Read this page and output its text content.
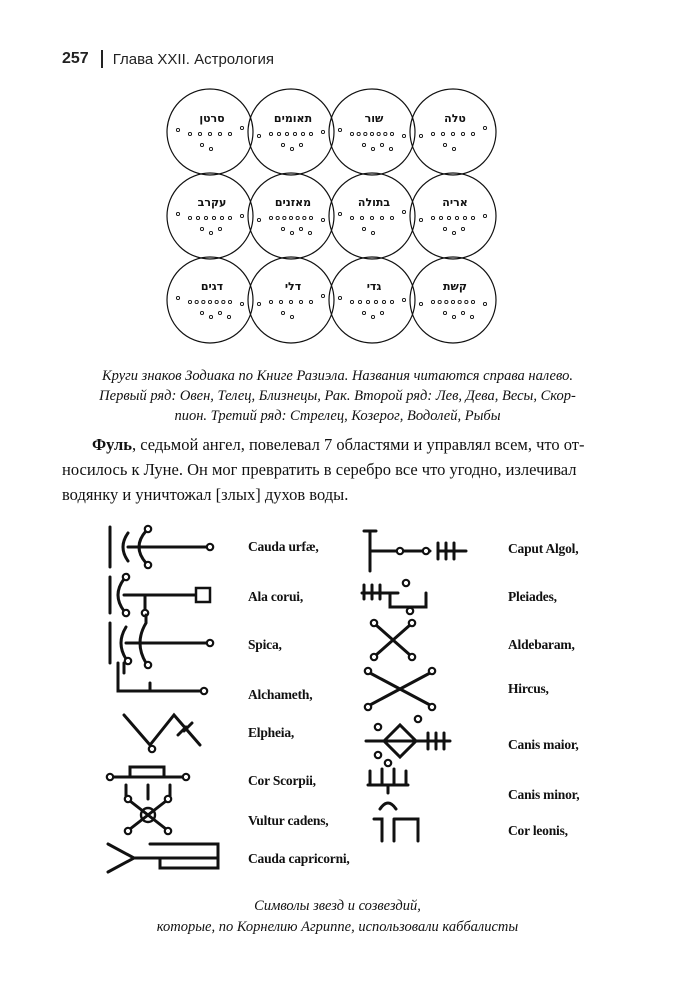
257 Глава XXII. Астрология
סרטן	תאומים	שור	טלה
עקרב	מאזנים	בתולה	אריה
דגים	דלי	גדי	קשת
Круги знаков Зодиака по Книге Разиэла. Названия читаются справа налево.
Первый ряд: Овен, Телец, Близнецы, Рак. Второй ряд: Лев, Дева, Весы, Скор-
пион. Третий ряд: Стрелец, Козерог, Водолей, Рыбы
Фуль, седьмой ангел, повелевал 7 областями и управлял всем, что от-
носилось к Луне. Он мог превратить в серебро все что угодно, излечивал
водянку и уничтожал [злых] духов воды.
Cauda urfæ,
Ala corui,
Spica,
Alchameth,
Elpheia,
Cor Scorpii,
Vultur cadens,
Cauda capricorni,
Caput Algol,
Pleiades,
Aldebaram,
Hircus,
Canis maior,
Canis minor,
Cor leonis,
Символы звезд и созвездий,
которые, по Корнелию Агриппе, использовали каббалисты
